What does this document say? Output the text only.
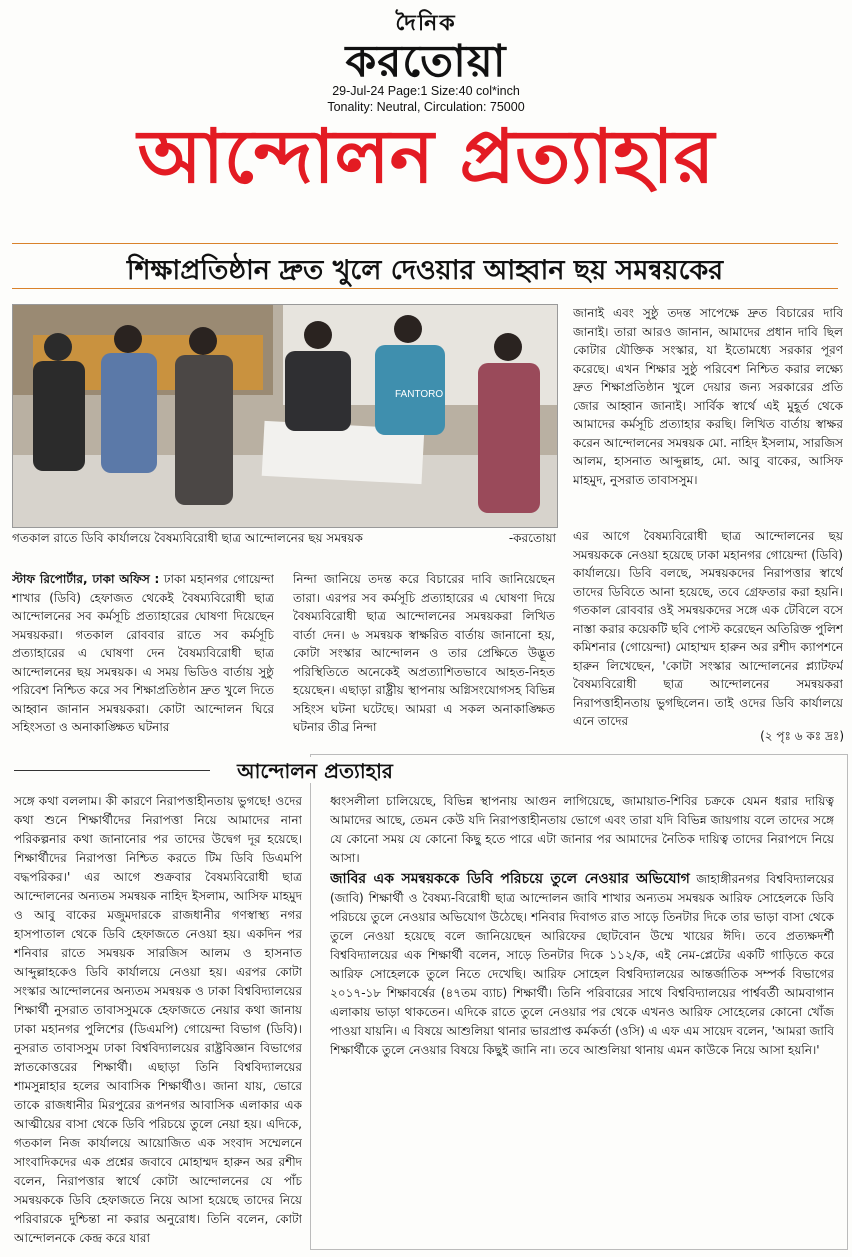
দৈনিক
করতোয়া
29-Jul-24 Page:1 Size:40 col*inch
Tonality: Neutral, Circulation: 75000
আন্দোলন প্রত্যাহার
শিক্ষাপ্রতিষ্ঠান দ্রুত খুলে দেওয়ার আহ্বান ছয় সমন্বয়কের
FANTORO
গতকাল রাতে ডিবি কার্যালয়ে বৈষম্যবিরোধী ছাত্র আন্দোলনের ছয় সমন্বয়ক	-করতোয়া

জানাই এবং সুষ্ঠু তদন্ত সাপেক্ষে দ্রুত বিচারের দাবি জানাই। তারা আরও জানান, আমাদের প্রধান দাবি ছিল কোটার যৌক্তিক সংস্কার, যা ইতোমধ্যে সরকার পূরণ করেছে। এখন শিক্ষার সুষ্ঠু পরিবেশ নিশ্চিত করার লক্ষ্যে দ্রুত শিক্ষাপ্রতিষ্ঠান খুলে দেয়ার জন্য সরকারের প্রতি জোর আহ্বান জানাই। সার্বিক স্বার্থে এই মুহূর্ত থেকে আমাদের কর্মসূচি প্রত্যাহার করছি। লিখিত বার্তায় স্বাক্ষর করেন আন্দোলনের সমন্বয়ক মো. নাহিদ ইসলাম, সারজিস আলম, হাসনাত আব্দুল্লাহ, মো. আবু বাকের, আসিফ মাহমুদ, নুসরাত তাবাসসুম।

এর আগে বৈষম্যবিরোধী ছাত্র আন্দোলনের ছয় সমন্বয়ককে নেওয়া হয়েছে ঢাকা মহানগর গোয়েন্দা (ডিবি) কার্যালয়ে। ডিবি বলছে, সমন্বয়কদের নিরাপত্তার স্বার্থে তাদের ডিবিতে আনা হয়েছে, তবে গ্রেফতার করা হয়নি। গতকাল রোববার ওই সমন্বয়কদের সঙ্গে এক টেবিলে বসে নাস্তা করার কয়েকটি ছবি পোস্ট করেছেন অতিরিক্ত পুলিশ কমিশনার (গোয়েন্দা) মোহাম্মদ হারুন অর রশীদ ক্যাপশনে হারুন লিখেছেন, 'কোটা সংস্কার আন্দোলনের প্ল্যাটফর্ম বৈষম্যবিরোধী ছাত্র আন্দোলনের সমন্বয়করা নিরাপত্তাহীনতায় ভুগছিলেন। তাই ওদের ডিবি কার্যালয়ে এনে তাদের

(২ পৃঃ ৬ কঃ দ্রঃ)

স্টাফ রিপোর্টার, ঢাকা অফিস : ঢাকা মহানগর গোয়েন্দা শাখার (ডিবি) হেফাজত থেকেই বৈষম্যবিরোধী ছাত্র আন্দোলনের সব কর্মসূচি প্রত্যাহারের ঘোষণা দিয়েছেন সমন্বয়করা। গতকাল রোববার রাতে সব কর্মসূচি প্রত্যাহারের এ ঘোষণা দেন বৈষম্যবিরোধী ছাত্র আন্দোলনের ছয় সমন্বয়ক। এ সময় ভিডিও বার্তায় সুষ্ঠু পরিবেশ নিশ্চিত করে সব শিক্ষাপ্রতিষ্ঠান দ্রুত খুলে দিতে আহ্বান জানান সমন্বয়করা। কোটা আন্দোলন ঘিরে সহিংসতা ও অনাকাঙ্ক্ষিত ঘটনার

নিন্দা জানিয়ে তদন্ত করে বিচারের দাবি জানিয়েছেন তারা। এরপর সব কর্মসূচি প্রত্যাহারের এ ঘোষণা দিয়ে বৈষম্যবিরোধী ছাত্র আন্দোলনের সমন্বয়করা লিখিত বার্তা দেন। ৬ সমন্বয়ক স্বাক্ষরিত বার্তায় জানানো হয়, কোটা সংস্কার আন্দোলন ও তার প্রেক্ষিতে উদ্ভূত পরিস্থিতিতে অনেকেই অপ্রত্যাশিতভাবে আহত-নিহত হয়েছেন। এছাড়া রাষ্ট্রীয় স্থাপনায় অগ্নিসংযোগসহ বিভিন্ন সহিংস ঘটনা ঘটেছে। আমরা এ সকল অনাকাঙ্ক্ষিত ঘটনার তীব্র নিন্দা

আন্দোলন প্রত্যাহার

সঙ্গে কথা বললাম। কী কারণে নিরাপত্তাহীনতায় ভুগছে! ওদের কথা শুনে শিক্ষার্থীদের নিরাপত্তা নিয়ে আমাদের নানা পরিকল্পনার কথা জানানোর পর তাদের উদ্বেগ দূর হয়েছে। শিক্ষার্থীদের নিরাপত্তা নিশ্চিত করতে টিম ডিবি ডিএমপি বদ্ধপরিকর।' এর আগে শুক্রবার বৈষম্যবিরোধী ছাত্র আন্দোলনের অন্যতম সমন্বয়ক নাহিদ ইসলাম, আসিফ মাহমুদ ও আবু বাকের মজুমদারকে রাজধানীর গণস্বাস্থ্য নগর হাসপাতাল থেকে ডিবি হেফাজতে নেওয়া হয়। একদিন পর শনিবার রাতে সমন্বয়ক সারজিস আলম ও হাসনাত আব্দুল্লাহকেও ডিবি কার্যালয়ে নেওয়া হয়। এরপর কোটা সংস্কার আন্দোলনের অন্যতম সমন্বয়ক ও ঢাকা বিশ্ববিদ্যালয়ের শিক্ষার্থী নুসরাত তাবাসসুমকে হেফাজতে নেয়ার কথা জানায় ঢাকা মহানগর পুলিশের (ডিএমপি) গোয়েন্দা বিভাগ (ডিবি)। নুসরাত তাবাসসুম ঢাকা বিশ্ববিদ্যালয়ের রাষ্ট্রবিজ্ঞান বিভাগের স্নাতকোত্তরের শিক্ষার্থী। এছাড়া তিনি বিশ্ববিদ্যালয়ের শামসুন্নাহার হলের আবাসিক শিক্ষার্থীও। জানা যায়, ভোরে তাকে রাজধানীর মিরপুরের রূপনগর আবাসিক এলাকার এক আত্মীয়ের বাসা থেকে ডিবি পরিচয়ে তুলে নেয়া হয়। এদিকে, গতকাল নিজ কার্যালয়ে আয়োজিত এক সংবাদ সম্মেলনে সাংবাদিকদের এক প্রশ্নের জবাবে মোহাম্মদ হারুন অর রশীদ বলেন, নিরাপত্তার স্বার্থে কোটা আন্দোলনের যে পাঁচ সমন্বয়ককে ডিবি হেফাজতে নিয়ে আসা হয়েছে তাদের নিয়ে পরিবারকে দুশ্চিন্তা না করার অনুরোধ। তিনি বলেন, কোটা আন্দোলনকে কেন্দ্র করে যারা

ধ্বংসলীলা চালিয়েছে, বিভিন্ন স্থাপনায় আগুন লাগিয়েছে, জামায়াত-শিবির চক্রকে যেমন ধরার দায়িত্ব আমাদের আছে, তেমন কেউ যদি নিরাপত্তাহীনতায় ভোগে এবং তারা যদি বিভিন্ন জায়গায় বলে তাদের সঙ্গে যে কোনো সময় যে কোনো কিছু হতে পারে এটা জানার পর আমাদের নৈতিক দায়িত্ব তাদের নিরাপদে নিয়ে আসা।

জাবির এক সমন্বয়ককে ডিবি পরিচয়ে তুলে নেওয়ার অভিযোগ জাহাঙ্গীরনগর বিশ্ববিদ্যালয়ের (জাবি) শিক্ষার্থী ও বৈষম্য-বিরোধী ছাত্র আন্দোলন জাবি শাখার অন্যতম সমন্বয়ক আরিফ সোহেলকে ডিবি পরিচয়ে তুলে নেওয়ার অভিযোগ উঠেছে। শনিবার দিবাগত রাত সাড়ে তিনটার দিকে তার ভাড়া বাসা থেকে তুলে নেওয়া হয়েছে বলে জানিয়েছেন আরিফের ছোটবোন উম্মে খায়ের ঈদি। তবে প্রত্যক্ষদর্শী বিশ্ববিদ্যালয়ের এক শিক্ষার্থী বলেন, সাড়ে তিনটার দিকে ১১২/ক, এই নেম-প্লেটের একটি গাড়িতে করে আরিফ সোহেলকে তুলে নিতে দেখেছি। আরিফ সোহেল বিশ্ববিদ্যালয়ের আন্তর্জাতিক সম্পর্ক বিভাগের ২০১৭-১৮ শিক্ষাবর্ষের (৪৭তম ব্যাচ) শিক্ষার্থী। তিনি পরিবারের সাথে বিশ্ববিদ্যালয়ের পার্শ্ববর্তী আমবাগান এলাকায় ভাড়া থাকতেন। এদিকে রাতে তুলে নেওয়ার পর থেকে এখনও আরিফ সোহেলের কোনো খোঁজ পাওয়া যায়নি। এ বিষয়ে আশুলিয়া থানার ভারপ্রাপ্ত কর্মকর্তা (ওসি) এ এফ এম সায়েদ বলেন, 'আমরা জাবি শিক্ষার্থীকে তুলে নেওয়ার বিষয়ে কিছুই জানি না। তবে আশুলিয়া থানায় এমন কাউকে নিয়ে আসা হয়নি।'
